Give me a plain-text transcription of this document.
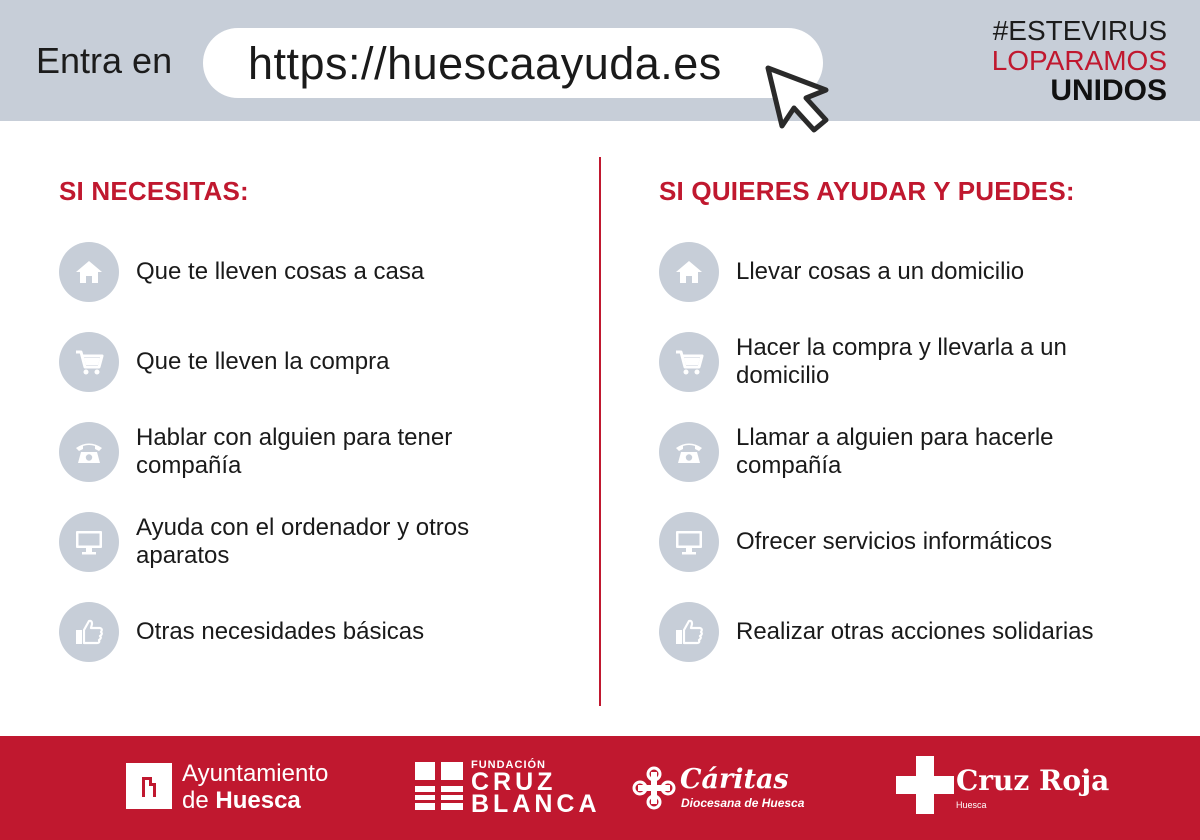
Entra en https://huescaayuda.es
#ESTEVIRUS
LOPARAMOS
UNIDOS
SI NECESITAS:
Que te lleven cosas a casa
Que te lleven la compra
Hablar con alguien para tener compañía
Ayuda con el ordenador y otros aparatos
Otras necesidades básicas
SI QUIERES AYUDAR Y PUEDES:
Llevar cosas a un domicilio
Hacer la compra y llevarla a un domicilio
Llamar a alguien para hacerle compañía
Ofrecer servicios informáticos
Realizar otras acciones solidarias
Ayuntamiento
de Huesca
FUNDACIÓN
CRUZ
BLANCA
Cáritas
Diocesana de Huesca
Cruz Roja
Huesca
